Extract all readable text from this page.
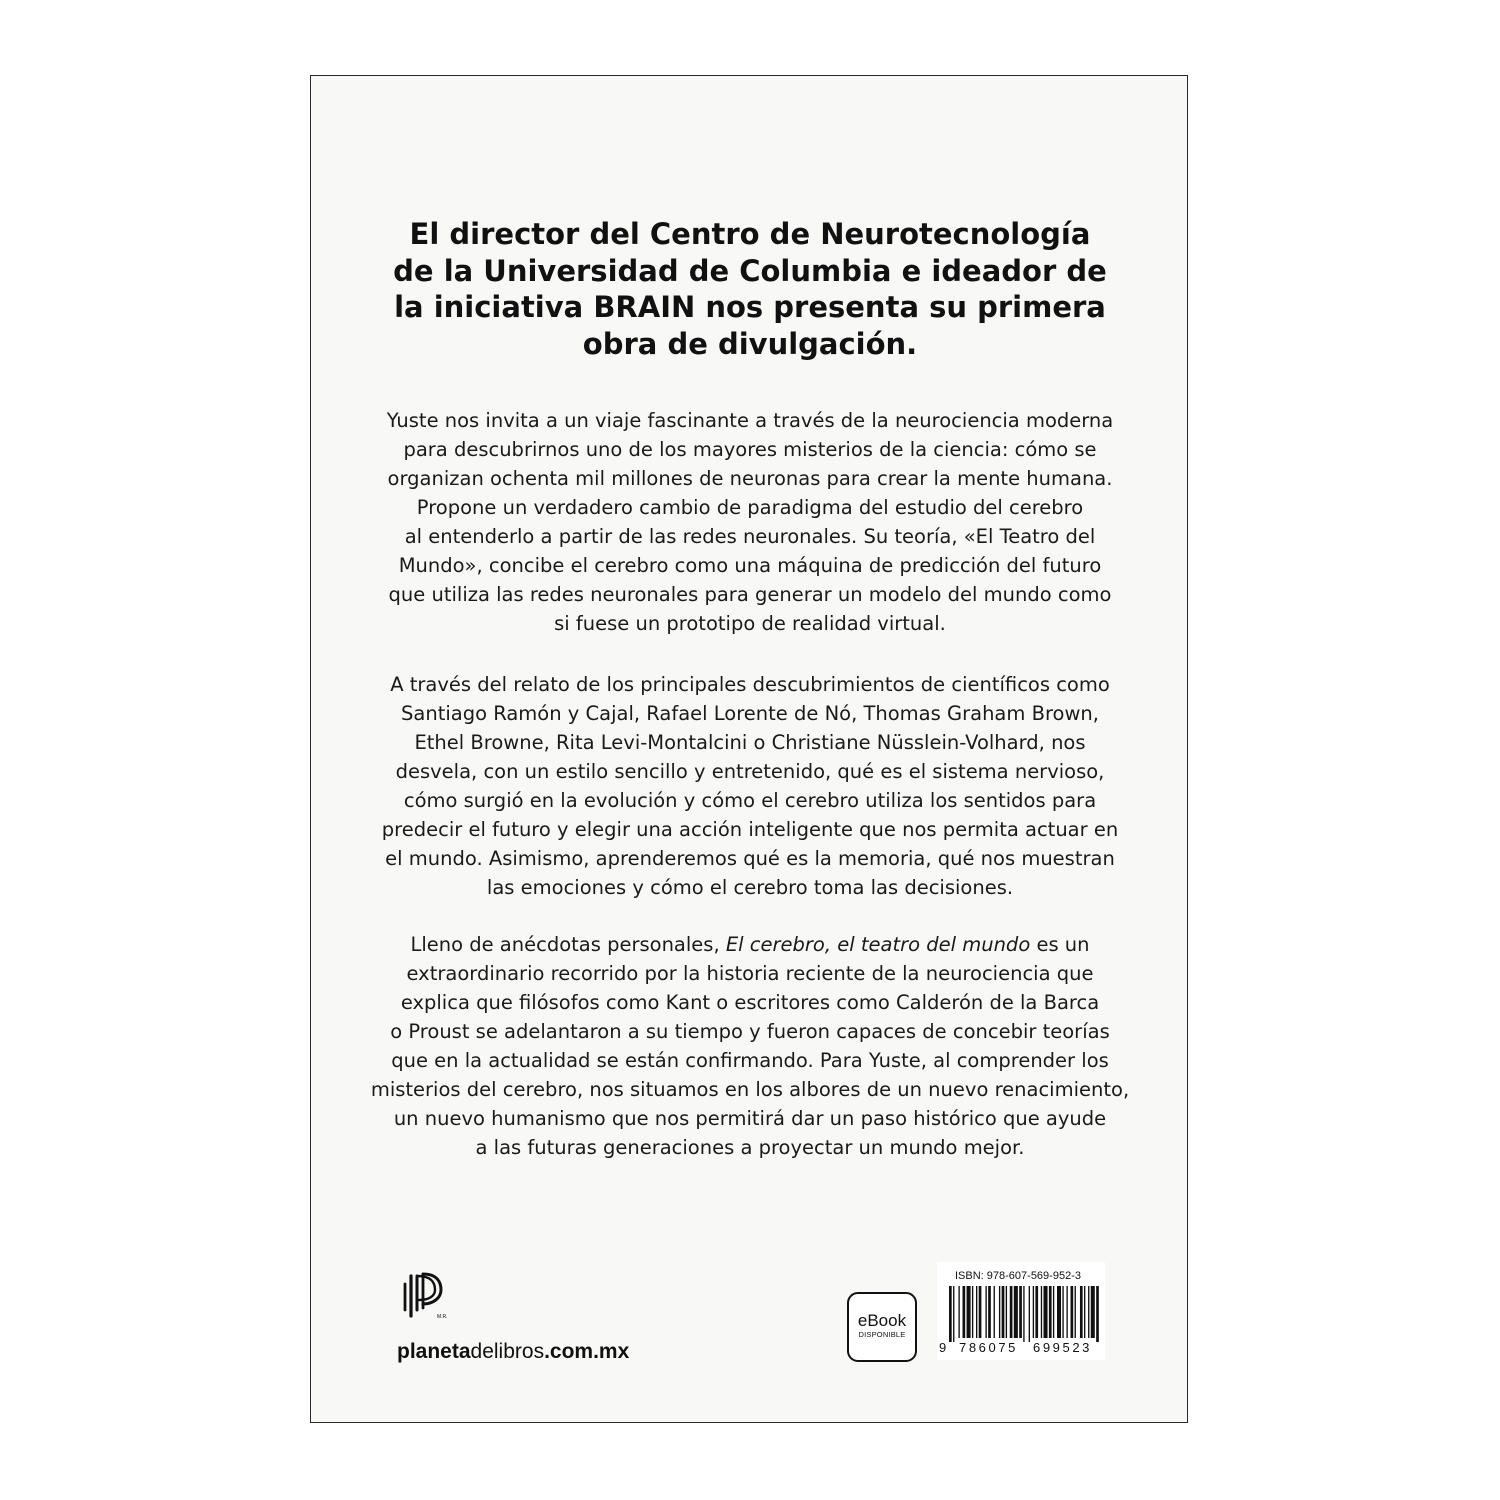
El director del Centro de Neurotecnología
de la Universidad de Columbia e ideador de
la iniciativa BRAIN nos presenta su primera
obra de divulgación.

Yuste nos invita a un viaje fascinante a través de la neurociencia moderna
para descubrirnos uno de los mayores misterios de la ciencia: cómo se
organizan ochenta mil millones de neuronas para crear la mente humana.
Propone un verdadero cambio de paradigma del estudio del cerebro
al entenderlo a partir de las redes neuronales. Su teoría, «El Teatro del
Mundo», concibe el cerebro como una máquina de predicción del futuro
que utiliza las redes neuronales para generar un modelo del mundo como
si fuese un prototipo de realidad virtual.

A través del relato de los principales descubrimientos de científicos como
Santiago Ramón y Cajal, Rafael Lorente de Nó, Thomas Graham Brown,
Ethel Browne, Rita Levi-Montalcini o Christiane Nüsslein-Volhard, nos
desvela, con un estilo sencillo y entretenido, qué es el sistema nervioso,
cómo surgió en la evolución y cómo el cerebro utiliza los sentidos para
predecir el futuro y elegir una acción inteligente que nos permita actuar en
el mundo. Asimismo, aprenderemos qué es la memoria, qué nos muestran
las emociones y cómo el cerebro toma las decisiones.

Lleno de anécdotas personales, El cerebro, el teatro del mundo es un
extraordinario recorrido por la historia reciente de la neurociencia que
explica que filósofos como Kant o escritores como Calderón de la Barca
o Proust se adelantaron a su tiempo y fueron capaces de concebir teorías
que en la actualidad se están confirmando. Para Yuste, al comprender los
misterios del cerebro, nos situamos en los albores de un nuevo renacimiento,
un nuevo humanismo que nos permitirá dar un paso histórico que ayude
a las futuras generaciones a proyectar un mundo mejor.

M.R.
planetadelibros.com.mx
eBook
DISPONIBLE
ISBN: 978-607-569-952-3
9 786075 699523
